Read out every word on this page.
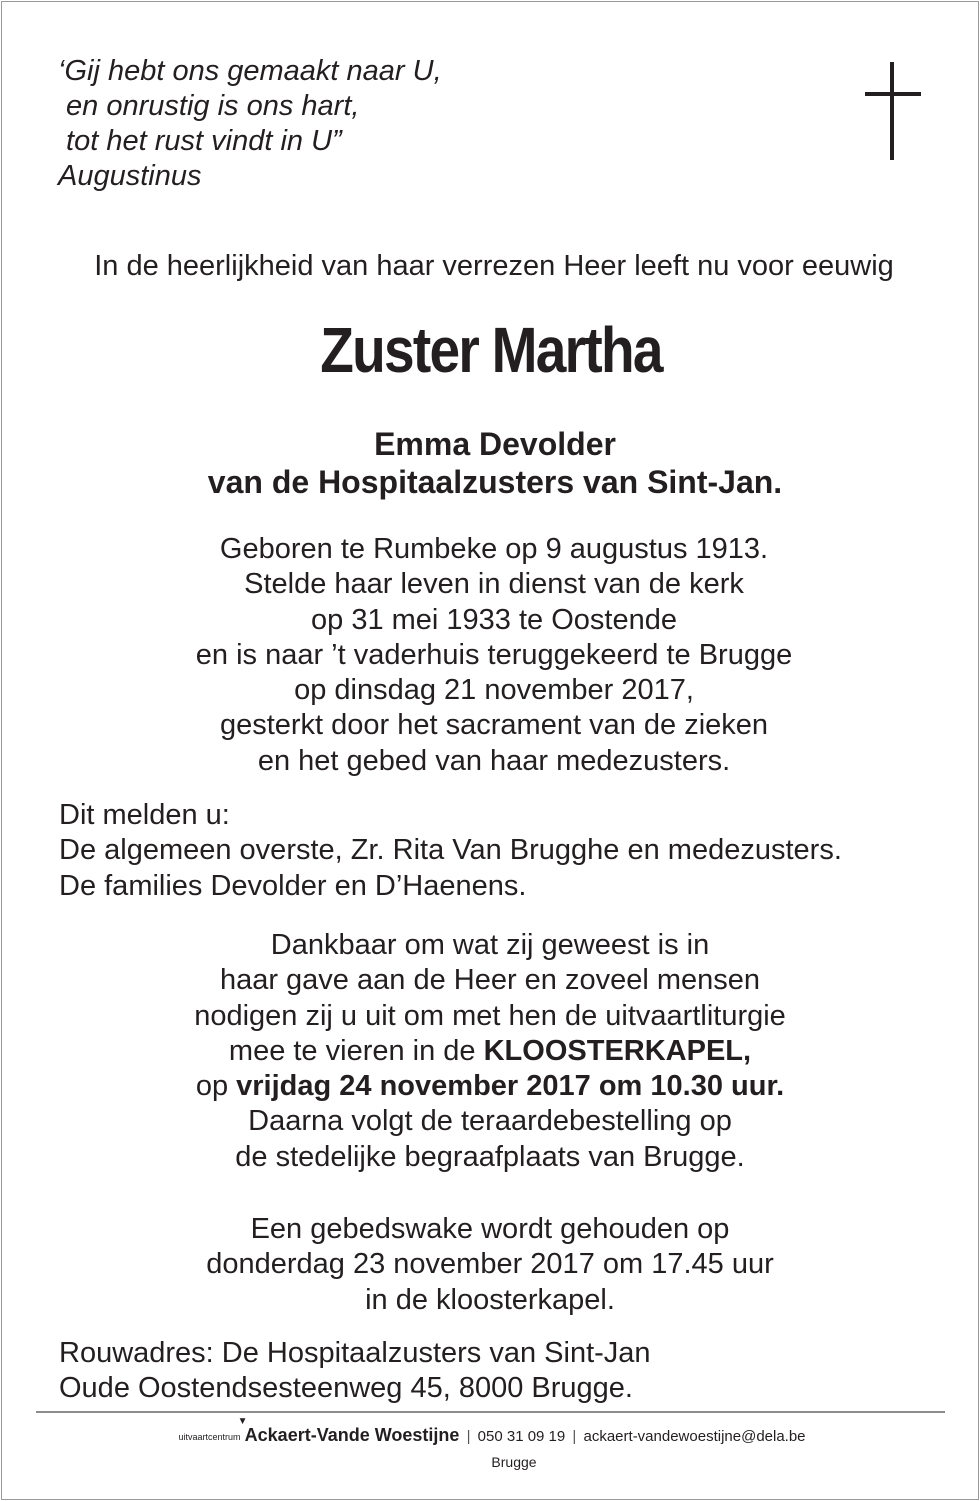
‘Gij hebt ons gemaakt naar U,
en onrustig is ons hart,
tot het rust vindt in U”
Augustinus
In de heerlijkheid van haar verrezen Heer leeft nu voor eeuwig
Zuster Martha
Emma Devolder
van de Hospitaalzusters van Sint-Jan.
Geboren te Rumbeke op 9 augustus 1913.
Stelde haar leven in dienst van de kerk
op 31 mei 1933 te Oostende
en is naar ’t vaderhuis teruggekeerd te Brugge
op dinsdag 21 november 2017,
gesterkt door het sacrament van de zieken
en het gebed van haar medezusters.
Dit melden u:
De algemeen overste, Zr. Rita Van Brugghe en medezusters.
De families Devolder en D’Haenens.
Dankbaar om wat zij geweest is in
haar gave aan de Heer en zoveel mensen
nodigen zij u uit om met hen de uitvaartliturgie
mee te vieren in de KLOOSTERKAPEL,
op vrijdag 24 november 2017 om 10.30 uur.
Daarna volgt de teraardebestelling op
de stedelijke begraafplaats van Brugge.
Een gebedswake wordt gehouden op
donderdag 23 november 2017 om 17.45 uur
in de kloosterkapel.
Rouwadres: De Hospitaalzusters van Sint-Jan
Oude Oostendsesteenweg 45, 8000 Brugge.
uitvaartcentrum
▼
Ackaert-Vande Woestijne | 050 31 09 19 | ackaert-vandewoestijne@dela.be
Brugge
